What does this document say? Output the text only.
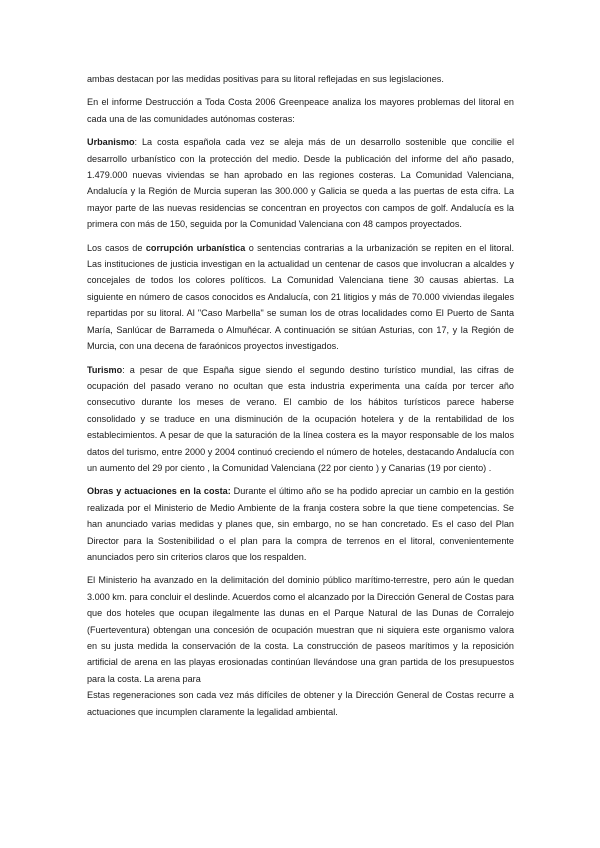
ambas destacan por las medidas positivas para su litoral reflejadas en sus legislaciones.

En el informe Destrucción a Toda Costa 2006 Greenpeace analiza los mayores problemas del litoral en cada una de las comunidades autónomas costeras:

Urbanismo: La costa española cada vez se aleja más de un desarrollo sostenible que concilie el desarrollo urbanístico con la protección del medio. Desde la publicación del informe del año pasado, 1.479.000 nuevas viviendas se han aprobado en las regiones costeras. La Comunidad Valenciana, Andalucía y la Región de Murcia superan las 300.000 y Galicia se queda a las puertas de esta cifra. La mayor parte de las nuevas residencias se concentran en proyectos con campos de golf. Andalucía es la primera con más de 150, seguida por la Comunidad Valenciana con 48 campos proyectados.

Los casos de corrupción urbanística o sentencias contrarias a la urbanización se repiten en el litoral. Las instituciones de justicia investigan en la actualidad un centenar de casos que involucran a alcaldes y concejales de todos los colores políticos. La Comunidad Valenciana tiene 30 causas abiertas. La siguiente en número de casos conocidos es Andalucía, con 21 litigios y más de 70.000 viviendas ilegales repartidas por su litoral. Al "Caso Marbella" se suman los de otras localidades como El Puerto de Santa María, Sanlúcar de Barrameda o Almuñécar. A continuación se sitúan Asturias, con 17, y la Región de Murcia, con una decena de faraónicos proyectos investigados.

Turismo: a pesar de que España sigue siendo el segundo destino turístico mundial, las cifras de ocupación del pasado verano no ocultan que esta industria experimenta una caída por tercer año consecutivo durante los meses de verano. El cambio de los hábitos turísticos parece haberse consolidado y se traduce en una disminución de la ocupación hotelera y de la rentabilidad de los establecimientos. A pesar de que la saturación de la línea costera es la mayor responsable de los malos datos del turismo, entre 2000 y 2004 continuó creciendo el número de hoteles, destacando Andalucía con un aumento del 29 por ciento , la Comunidad Valenciana (22 por ciento ) y Canarias (19 por ciento) .

Obras y actuaciones en la costa: Durante el último año se ha podido apreciar un cambio en la gestión realizada por el Ministerio de Medio Ambiente de la franja costera sobre la que tiene competencias. Se han anunciado varias medidas y planes que, sin embargo, no se han concretado. Es el caso del Plan Director para la Sostenibilidad o el plan para la compra de terrenos en el litoral, convenientemente anunciados pero sin criterios claros que los respalden.

El Ministerio ha avanzado en la delimitación del dominio público marítimo-terrestre, pero aún le quedan 3.000 km. para concluir el deslinde. Acuerdos como el alcanzado por la Dirección General de Costas para que dos hoteles que ocupan ilegalmente las dunas en el Parque Natural de las Dunas de Corralejo (Fuerteventura) obtengan una concesión de ocupación muestran que ni siquiera este organismo valora en su justa medida la conservación de la costa. La construcción de paseos marítimos y la reposición artificial de arena en las playas erosionadas continúan llevándose una gran partida de los presupuestos para la costa. La arena para

Estas regeneraciones son cada vez más difíciles de obtener y la Dirección General de Costas recurre a actuaciones que incumplen claramente la legalidad ambiental.
